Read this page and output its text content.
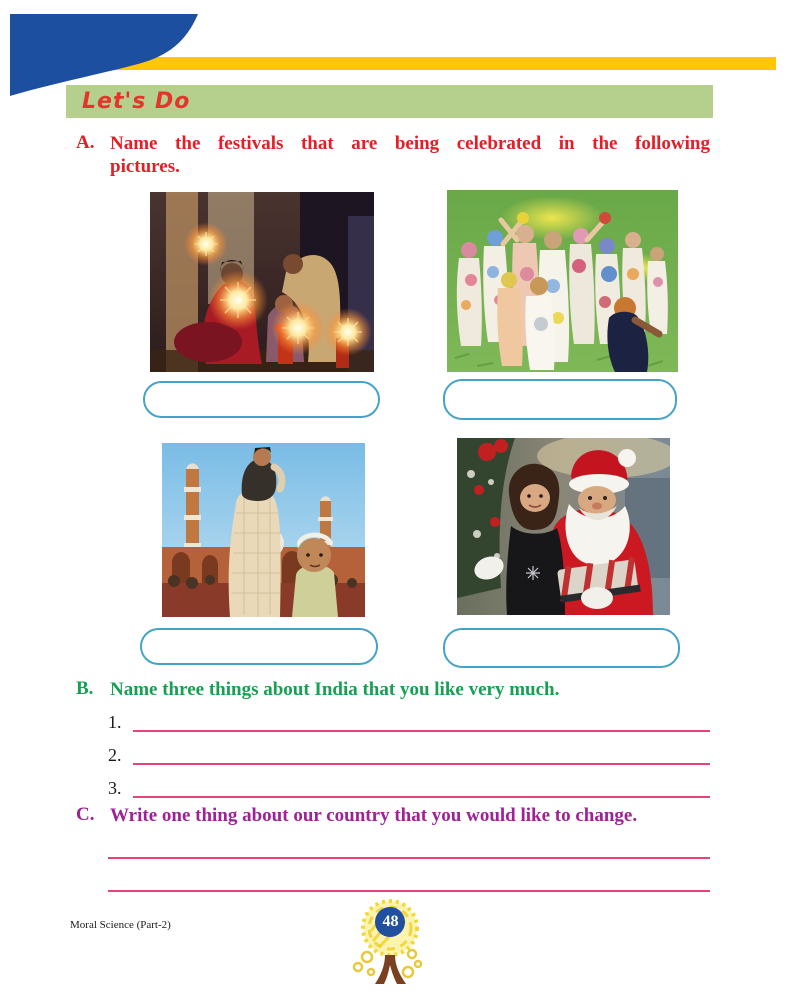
Let's Do
A. Name the festivals that are being celebrated in the following
pictures.
B. Name three things about India that you like very much.
1.
2.
3.
C. Write one thing about our country that you would like to change.
Moral Science (Part-2)	48
